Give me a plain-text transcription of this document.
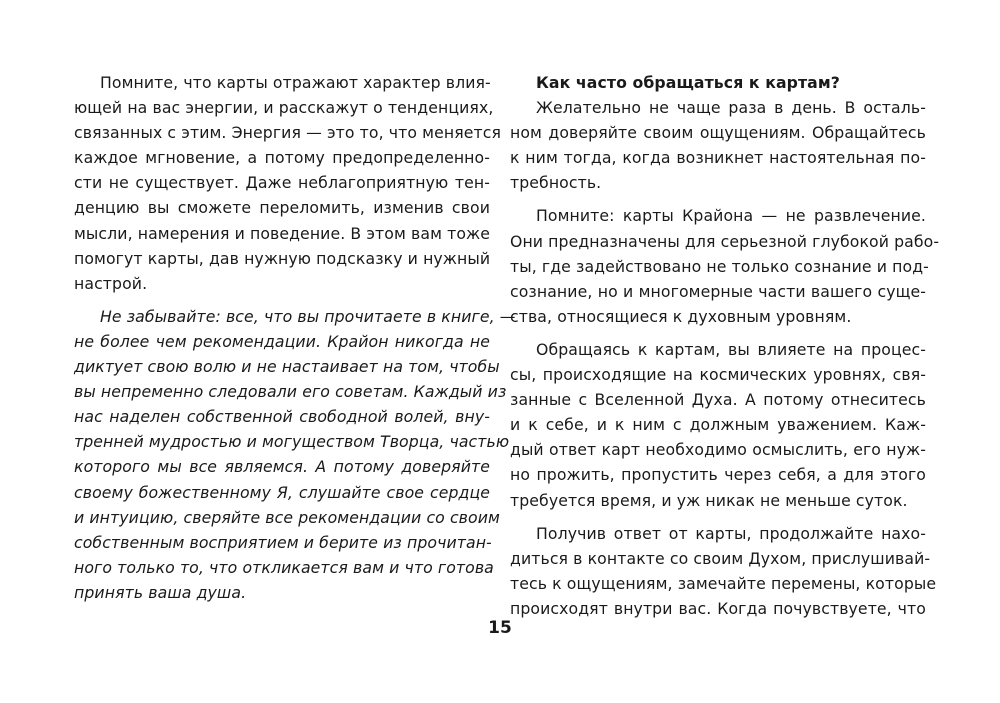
Помните, что карты отражают характер влия-
ющей на вас энергии, и расскажут о тенденциях,
связанных с этим. Энергия — это то, что меняется
каждое мгновение, а потому предопределенно-
сти не существует. Даже неблагоприятную тен-
денцию вы сможете переломить, изменив свои
мысли, намерения и поведение. В этом вам тоже
помогут карты, дав нужную подсказку и нужный
настрой.
Не забывайте: все, что вы прочитаете в книге, —
не более чем рекомендации. Крайон никогда не
диктует свою волю и не настаивает на том, чтобы
вы непременно следовали его советам. Каждый из
нас наделен собственной свободной волей, вну-
тренней мудростью и могуществом Творца, частью
которого мы все являемся. А потому доверяйте
своему божественному Я, слушайте свое сердце
и интуицию, сверяйте все рекомендации со своим
собственным восприятием и берите из прочитан-
ного только то, что откликается вам и что готова
принять ваша душа.
Как часто обращаться к картам?
Желательно не чаще раза в день. В осталь-
ном доверяйте своим ощущениям. Обращайтесь
к ним тогда, когда возникнет настоятельная по-
требность.
Помните: карты Крайона — не развлечение.
Они предназначены для серьезной глубокой рабо-
ты, где задействовано не только сознание и под-
сознание, но и многомерные части вашего суще-
ства, относящиеся к духовным уровням.
Обращаясь к картам, вы влияете на процес-
сы, происходящие на космических уровнях, свя-
занные с Вселенной Духа. А потому отнеситесь
и к себе, и к ним с должным уважением. Каж-
дый ответ карт необходимо осмыслить, его нуж-
но прожить, пропустить через себя, а для этого
требуется время, и уж никак не меньше суток.
Получив ответ от карты, продолжайте нахо-
диться в контакте со своим Духом, прислушивай-
тесь к ощущениям, замечайте перемены, которые
происходят внутри вас. Когда почувствуете, что
15
